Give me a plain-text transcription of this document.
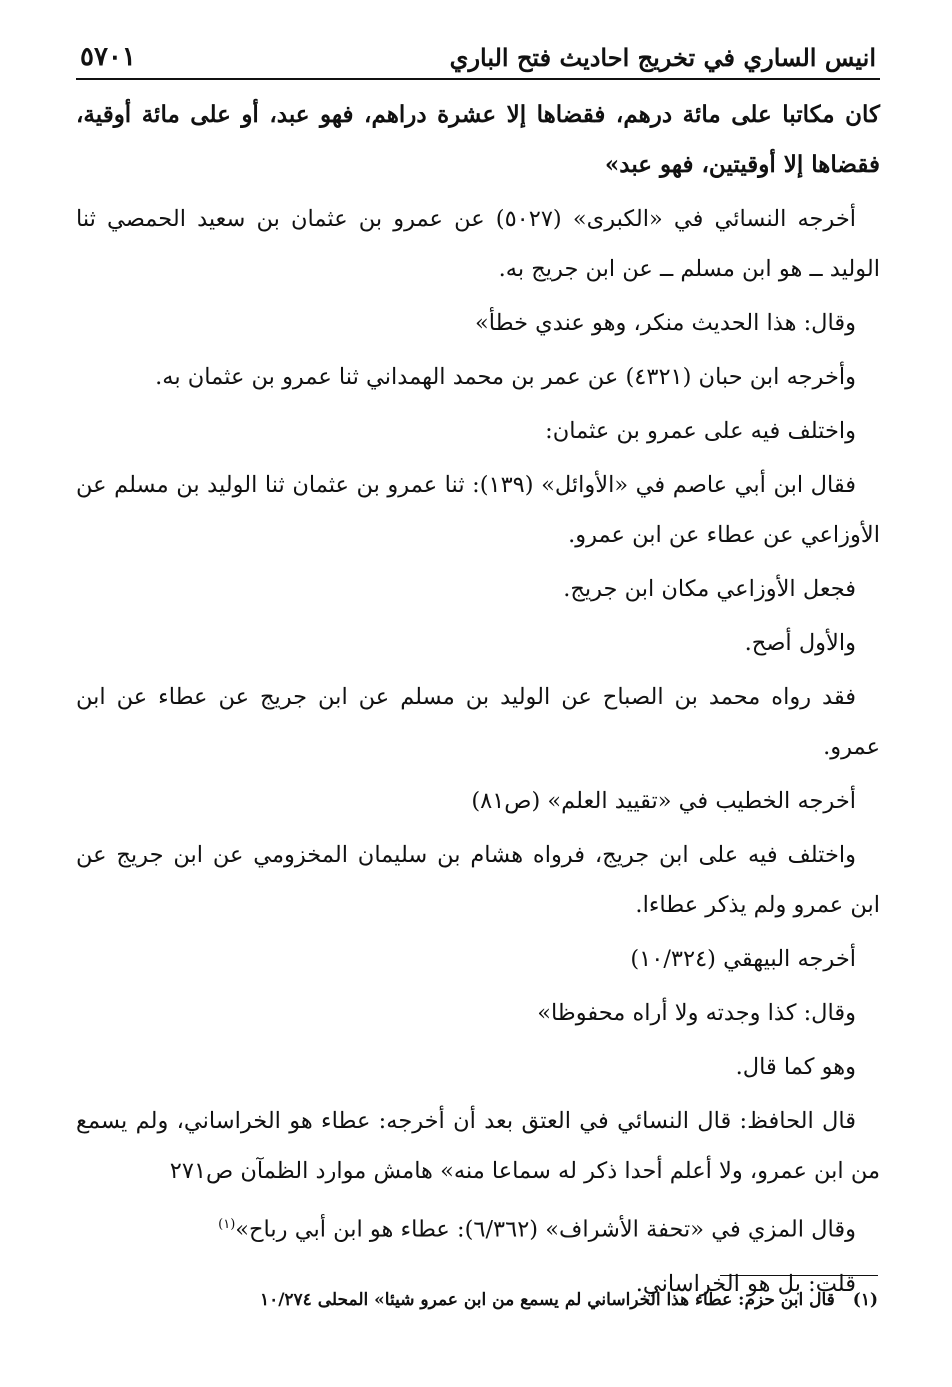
انيس الساري في تخريج احاديث فتح الباري
٥٧٠١

كان مكاتبا على مائة درهم، فقضاها إلا عشرة دراهم، فهو عبد، أو على مائة أوقية، فقضاها إلا أوقيتين، فهو عبد»

أخرجه النسائي في «الكبرى» (٥٠٢٧) عن عمرو بن عثمان بن سعيد الحمصي ثنا الوليد ــ هو ابن مسلم ــ عن ابن جريج به.

وقال: هذا الحديث منكر، وهو عندي خطأ»

وأخرجه ابن حبان (٤٣٢١) عن عمر بن محمد الهمداني ثنا عمرو بن عثمان به.

واختلف فيه على عمرو بن عثمان:

فقال ابن أبي عاصم في «الأوائل» (١٣٩): ثنا عمرو بن عثمان ثنا الوليد بن مسلم عن الأوزاعي عن عطاء عن ابن عمرو.

فجعل الأوزاعي مكان ابن جريج.

والأول أصح.

فقد رواه محمد بن الصباح عن الوليد بن مسلم عن ابن جريج عن عطاء عن ابن عمرو.

أخرجه الخطيب في «تقييد العلم» (ص٨١)

واختلف فيه على ابن جريج، فرواه هشام بن سليمان المخزومي عن ابن جريج عن ابن عمرو ولم يذكر عطاءا.

أخرجه البيهقي (١٠/٣٢٤)

وقال: كذا وجدته ولا أراه محفوظا»

وهو كما قال.

قال الحافظ: قال النسائي في العتق بعد أن أخرجه: عطاء هو الخراساني، ولم يسمع من ابن عمرو، ولا أعلم أحدا ذكر له سماعا منه» هامش موارد الظمآن ص٢٧١

وقال المزي في «تحفة الأشراف» (٦/٣٦٢): عطاء هو ابن أبي رباح»$^{(١)}$

قلت: بل هو الخراساني.

(١)قال ابن حزم: عطاء هذا الخراساني لم يسمع من ابن عمرو شيئا» المحلى ١٠/٢٧٤
